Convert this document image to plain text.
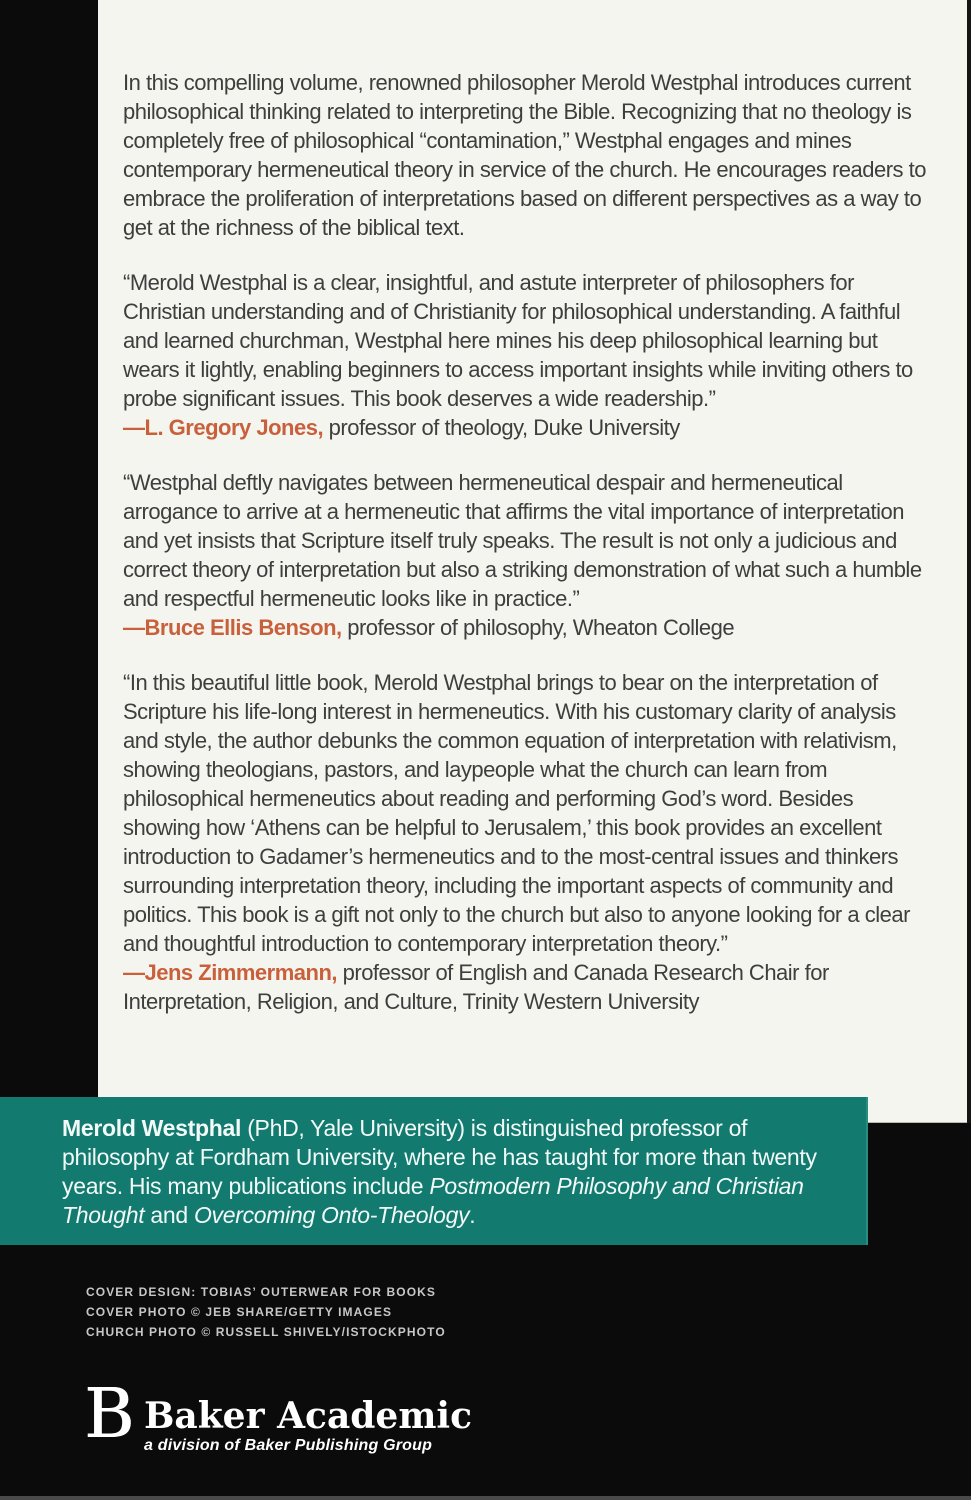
In this compelling volume, renowned philosopher Merold Westphal introduces current philosophical thinking related to interpreting the Bible. Recognizing that no theology is completely free of philosophical “contamination,” Westphal engages and mines contemporary hermeneutical theory in service of the church. He encourages readers to embrace the proliferation of interpretations based on different perspectives as a way to get at the richness of the biblical text.

“Merold Westphal is a clear, insightful, and astute interpreter of philosophers for Christian understanding and of Christianity for philosophical understanding. A faithful and learned churchman, Westphal here mines his deep philosophical learning but wears it lightly, enabling beginners to access important insights while inviting others to probe significant issues. This book deserves a wide readership.”

—L. Gregory Jones, professor of theology, Duke University

“Westphal deftly navigates between hermeneutical despair and hermeneutical arrogance to arrive at a hermeneutic that affirms the vital importance of interpretation and yet insists that Scripture itself truly speaks. The result is not only a judicious and correct theory of interpretation but also a striking demonstration of what such a humble and respectful hermeneutic looks like in practice.”

—Bruce Ellis Benson, professor of philosophy, Wheaton College

“In this beautiful little book, Merold Westphal brings to bear on the interpretation of Scripture his life-long interest in hermeneutics. With his customary clarity of analysis and style, the author debunks the common equation of interpretation with relativism, showing theologians, pastors, and laypeople what the church can learn from philosophical hermeneutics about reading and performing God’s word. Besides showing how ‘Athens can be helpful to Jerusalem,’ this book provides an excellent introduction to Gadamer’s hermeneutics and to the most-central issues and thinkers surrounding interpretation theory, including the important aspects of community and politics. This book is a gift not only to the church but also to anyone looking for a clear and thoughtful introduction to contemporary interpretation theory.”

—Jens Zimmermann, professor of English and Canada Research Chair for Interpretation, Religion, and Culture, Trinity Western University

Merold Westphal (PhD, Yale University) is distinguished professor of philosophy at Fordham University, where he has taught for more than twenty years. His many publications include Postmodern Philosophy and Christian Thought and Overcoming Onto-Theology.

COVER DESIGN: TOBIAS’ OUTERWEAR FOR BOOKS
COVER PHOTO © JEB SHARE/GETTY IMAGES
CHURCH PHOTO © RUSSELL SHIVELY/ISTOCKPHOTO
B Baker Academic
a division of Baker Publishing Group
